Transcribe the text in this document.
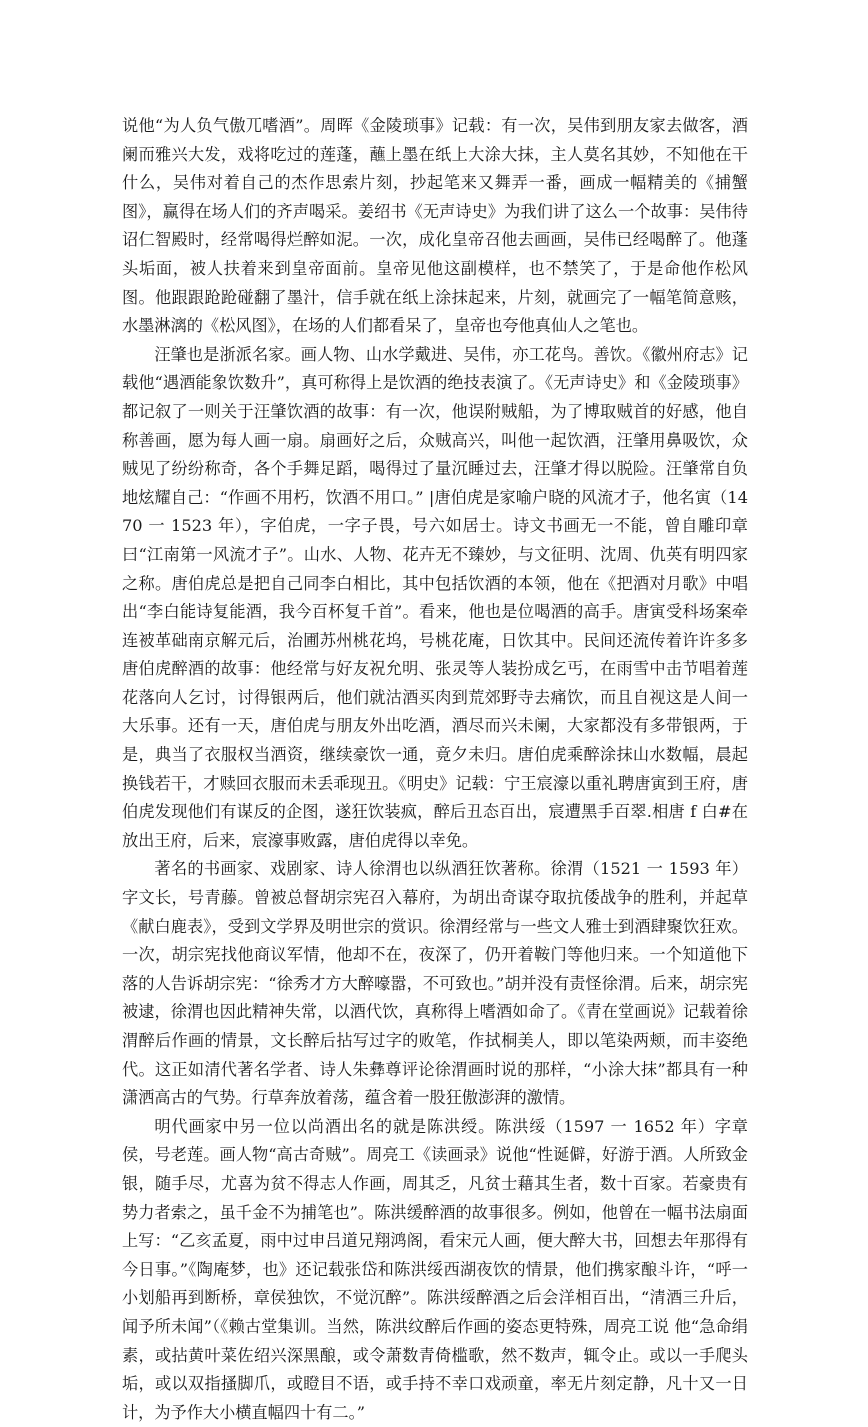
说他“为人负气傲兀嗜酒”。周晖《金陵琐事》记载：有一次，吴伟到朋友家去做客，酒阑而雅兴大发，戏将吃过的莲蓬，蘸上墨在纸上大涂大抹，主人莫名其妙，不知他在干什么，吴伟对着自己的杰作思索片刻，抄起笔来又舞弄一番，画成一幅精美的《捕蟹图》，赢得在场人们的齐声喝采。姜绍书《无声诗史》为我们讲了这么一个故事：吴伟待诏仁智殿时，经常喝得烂醉如泥。一次，成化皇帝召他去画画，吴伟已经喝醉了。他蓬头垢面，被人扶着来到皇帝面前。皇帝见他这副模样，也不禁笑了，于是命他作松风图。他跟跟跄跄碰翻了墨汁，信手就在纸上涂抹起来，片刻，就画完了一幅笔简意赅，水墨淋漓的《松风图》，在场的人们都看呆了，皇帝也夸他真仙人之笔也。

汪肇也是浙派名家。画人物、山水学戴进、吴伟，亦工花鸟。善饮。《徽州府志》记载他“遇酒能象饮数升”，真可称得上是饮酒的绝技表演了。《无声诗史》和《金陵琐事》都记叙了一则关于汪肇饮酒的故事：有一次，他误附贼船，为了博取贼首的好感，他自称善画，愿为每人画一扇。扇画好之后，众贼高兴，叫他一起饮酒，汪肇用鼻吸饮，众贼见了纷纷称奇，各个手舞足蹈，喝得过了量沉睡过去，汪肇才得以脱险。汪肇常自负地炫耀自己：“作画不用朽，饮酒不用口。” |唐伯虎是家喻户晓的风流才子，他名寅（1470 一 1523 年），字伯虎，一字子畏，号六如居士。诗文书画无一不能，曾自雕印章曰“江南第一风流才子”。山水、人物、花卉无不臻妙，与文征明、沈周、仇英有明四家之称。唐伯虎总是把自己同李白相比，其中包括饮酒的本领，他在《把酒对月歌》中唱出“李白能诗复能酒，我今百杯复千首”。看来，他也是位喝酒的高手。唐寅受科场案牵连被革础南京解元后，治圃苏州桃花坞，号桃花庵，日饮其中。民间还流传着许许多多唐伯虎醉酒的故事：他经常与好友祝允明、张灵等人装扮成乞丐，在雨雪中击节唱着莲花落向人乞讨，讨得银两后，他们就沽酒买肉到荒郊野寺去痛饮，而且自视这是人间一大乐事。还有一天，唐伯虎与朋友外出吃酒，酒尽而兴未阑，大家都没有多带银两，于是，典当了衣服权当酒资，继续豪饮一通，竟夕未归。唐伯虎乘醉涂抹山水数幅，晨起换钱若干，才赎回衣服而未丢乖现丑。《明史》记载：宁王宸濠以重礼聘唐寅到王府，唐伯虎发现他们有谋反的企图，遂狂饮装疯，醉后丑态百出，宸遭黑手百翠.相唐 f 白#在放出王府，后来，宸濠事败露，唐伯虎得以幸免。

著名的书画家、戏剧家、诗人徐渭也以纵酒狂饮著称。徐渭（1521 一 1593 年）字文长，号青藤。曾被总督胡宗宪召入幕府，为胡出奇谋夺取抗倭战争的胜利，并起草《献白鹿表》，受到文学界及明世宗的赏识。徐渭经常与一些文人雅士到酒肆聚饮狂欢。一次，胡宗宪找他商议军情，他却不在，夜深了，仍开着鞍门等他归来。一个知道他下落的人告诉胡宗宪：“徐秀才方大醉嚎嚣，不可致也。”胡并没有责怪徐渭。后来，胡宗宪被逮，徐渭也因此精神失常，以酒代饮，真称得上嗜酒如命了。《青在堂画说》记载着徐渭醉后作画的情景，文长醉后拈写过字的败笔，作拭桐美人，即以笔染两颊，而丰姿绝代。这正如清代著名学者、诗人朱彝尊评论徐渭画时说的那样，“小涂大抹”都具有一种潇洒高古的气势。行草奔放着荡，蕴含着一股狂傲澎湃的激情。

明代画家中另一位以尚酒出名的就是陈洪绶。陈洪绥（1597 一 1652 年）字章侯，号老莲。画人物“高古奇贼”。周亮工《读画录》说他“性诞僻，好游于酒。人所致金银，随手尽，尤喜为贫不得志人作画，周其乏，凡贫士藉其生者，数十百家。若豪贵有势力者索之，虽千金不为捕笔也”。陈洪缓醉酒的故事很多。例如，他曾在一幅书法扇面上写：“乙亥孟夏，雨中过申吕道兄翔鸿阁，看宋元人画，便大醉大书，回想去年那得有今日事。”《陶庵梦，也》还记载张岱和陈洪绥西湖夜饮的情景，他们携家酿斗许，“呼一小划船再到断桥，章侯独饮，不觉沉醉”。陈洪绥醉酒之后会洋相百出，“清酒三升后，闻予所未闻”（《赖古堂集训。当然，陈洪纹醉后作画的姿态更特殊，周亮工说 他“急命绢素，或拈黄叶菜佐绍兴深黑酿，或令萧数青倚槛歌，然不数声，辄令止。或以一手爬头垢，或以双指搔脚爪，或瞪目不语，或手持不幸口戏顽童，率无片刻定静，凡十又一日计，为予作大小横直幅四十有二。”
